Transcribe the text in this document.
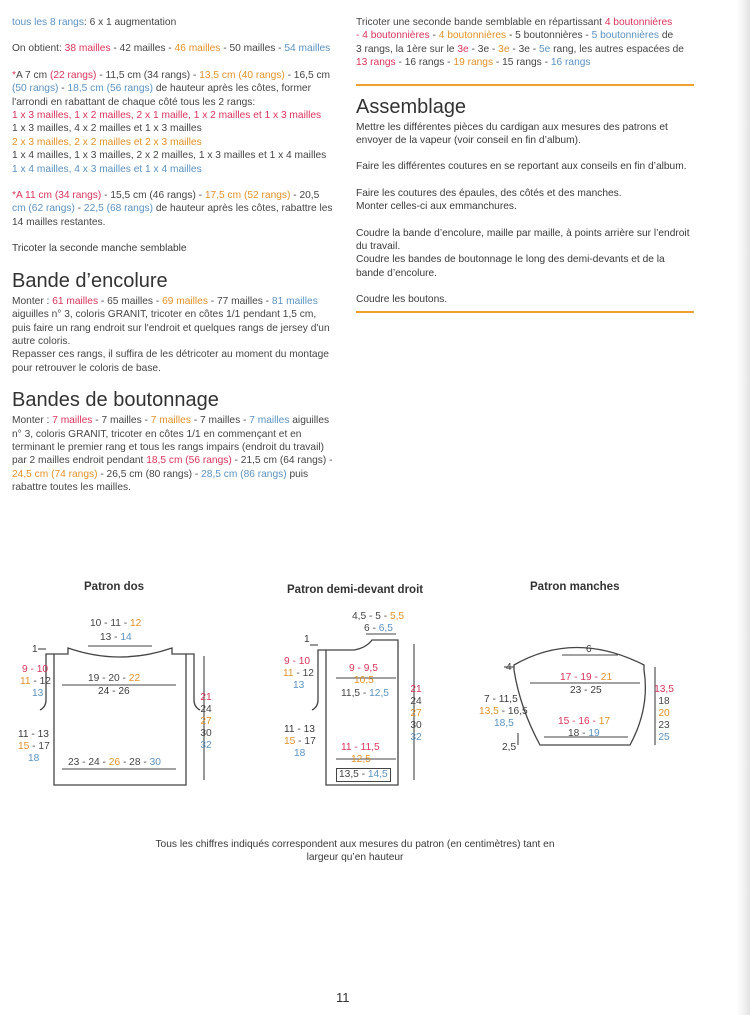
tous les 8 rangs: 6 x 1 augmentation

On obtient: 38 mailles - 42 mailles - 46 mailles - 50 mailles - 54 mailles

*A 7 cm (22 rangs) - 11,5 cm (34 rangs) - 13,5 cm (40 rangs) - 16,5 cm
(50 rangs) - 18,5 cm (56 rangs) de hauteur après les côtes, former
l'arrondi en rabattant de chaque côté tous les 2 rangs:
1 x 3 mailles, 1 x 2 mailles, 2 x 1 maille, 1 x 2 mailles et 1 x 3 mailles
1 x 3 mailles, 4 x 2 mailles et 1 x 3 mailles
2 x 3 mailles, 2 x 2 mailles et 2 x 3 mailles
1 x 4 mailles, 1 x 3 mailles, 2 x 2 mailles, 1 x 3 mailles et 1 x 4 mailles
1 x 4 mailles, 4 x 3 mailles et 1 x 4 mailles
*A 11 cm (34 rangs) - 15,5 cm (46 rangs) - 17,5 cm (52 rangs) - 20,5
cm (62 rangs) - 22,5 (68 rangs) de hauteur après les côtes, rabattre les
14 mailles restantes.

Tricoter la seconde manche semblable

Bande d’encolure
Monter : 61 mailles - 65 mailles - 69 mailles - 77 mailles - 81 mailles
aiguilles n° 3, coloris GRANIT, tricoter en côtes 1/1 pendant 1,5 cm,
puis faire un rang endroit sur l'endroit et quelques rangs de jersey d'un
autre coloris.
Repasser ces rangs, il suffira de les détricoter au moment du montage
pour retrouver le coloris de base.
Bandes de boutonnage
Monter : 7 mailles - 7 mailles - 7 mailles - 7 mailles - 7 mailles aiguilles
n° 3, coloris GRANIT, tricoter en côtes 1/1 en commençant et en
terminant le premier rang et tous les rangs impairs (endroit du travail)
par 2 mailles endroit pendant 18,5 cm (56 rangs) - 21,5 cm (64 rangs) -
24,5 cm (74 rangs) - 26,5 cm (80 rangs) - 28,5 cm (86 rangs) puis
rabattre toutes les mailles.
Tricoter une seconde bande semblable en répartissant 4 boutonnières
- 4 boutonnières - 4 boutonnières - 5 boutonnières - 5 boutonnières de
3 rangs, la 1ère sur le 3e - 3e - 3e - 3e - 5e rang, les autres espacées de
13 rangs - 16 rangs - 19 rangs - 15 rangs - 16 rangs
Assemblage

Mettre les différentes pièces du cardigan aux mesures des patrons et envoyer de la vapeur (voir conseil en fin d’album).

Faire les différentes coutures en se reportant aux conseils en fin d’album.

Faire les coutures des épaules, des côtés et des manches.

Monter celles-ci aux emmanchures.

Coudre la bande d’encolure, maille par maille, à points arrière sur l’endroit du travail.

Coudre les bandes de boutonnage le long des demi-devants et de la bande d’encolure.

Coudre les boutons.

Patron dos	Patron demi-devant droit	Patron manches
10 - 11 - 12
13 - 14
1
19 - 20 - 22
24 - 26
9 - 10
11 - 12
13
11 - 13
15 - 17
18	23 - 24 - 26 - 28 - 30
21
24
27
30
32
4,5 - 5 - 5,5
6 - 6,5
1
9 - 9,5
10,5
11,5 - 12,5
9 - 10
11 - 12
13
11 - 13
15 - 17
18
11 - 11,5
12,5
13,5 - 14,5
21
24
27
30
32
6
4
17 - 19 - 21
23 - 25
7 - 11,5
13,5 - 16,5
18,5	15 - 16 - 17
18 - 19
2,5
13,5
18
20
23
25
Tous les chiffres indiqués correspondent aux mesures du patron (en centimètres) tant en largeur qu’en hauteur
11
